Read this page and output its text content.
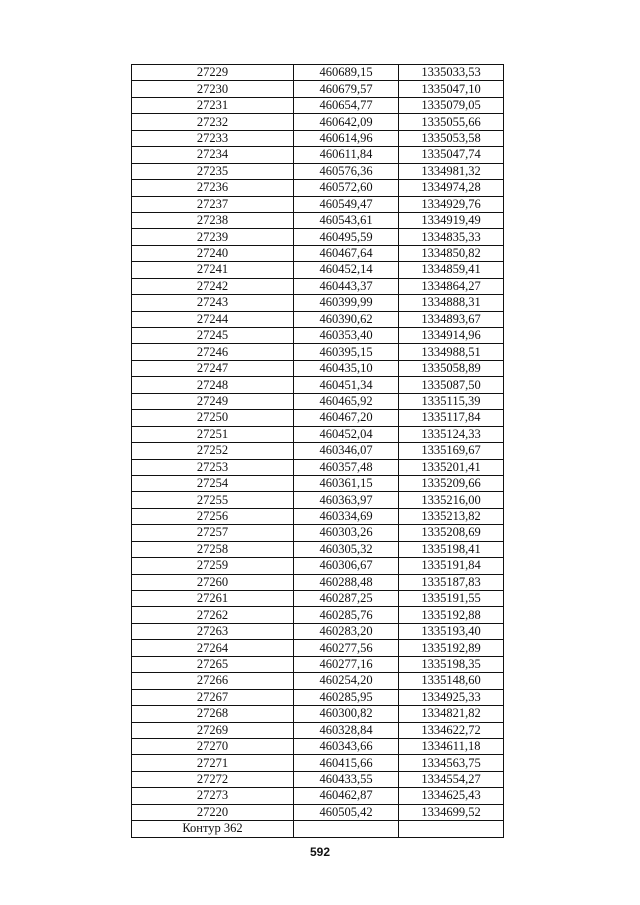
27229	460689,15	1335033,53
27230	460679,57	1335047,10
27231	460654,77	1335079,05
27232	460642,09	1335055,66
27233	460614,96	1335053,58
27234	460611,84	1335047,74
27235	460576,36	1334981,32
27236	460572,60	1334974,28
27237	460549,47	1334929,76
27238	460543,61	1334919,49
27239	460495,59	1334835,33
27240	460467,64	1334850,82
27241	460452,14	1334859,41
27242	460443,37	1334864,27
27243	460399,99	1334888,31
27244	460390,62	1334893,67
27245	460353,40	1334914,96
27246	460395,15	1334988,51
27247	460435,10	1335058,89
27248	460451,34	1335087,50
27249	460465,92	1335115,39
27250	460467,20	1335117,84
27251	460452,04	1335124,33
27252	460346,07	1335169,67
27253	460357,48	1335201,41
27254	460361,15	1335209,66
27255	460363,97	1335216,00
27256	460334,69	1335213,82
27257	460303,26	1335208,69
27258	460305,32	1335198,41
27259	460306,67	1335191,84
27260	460288,48	1335187,83
27261	460287,25	1335191,55
27262	460285,76	1335192,88
27263	460283,20	1335193,40
27264	460277,56	1335192,89
27265	460277,16	1335198,35
27266	460254,20	1335148,60
27267	460285,95	1334925,33
27268	460300,82	1334821,82
27269	460328,84	1334622,72
27270	460343,66	1334611,18
27271	460415,66	1334563,75
27272	460433,55	1334554,27
27273	460462,87	1334625,43
27220	460505,42	1334699,52
Контур 362		
592
